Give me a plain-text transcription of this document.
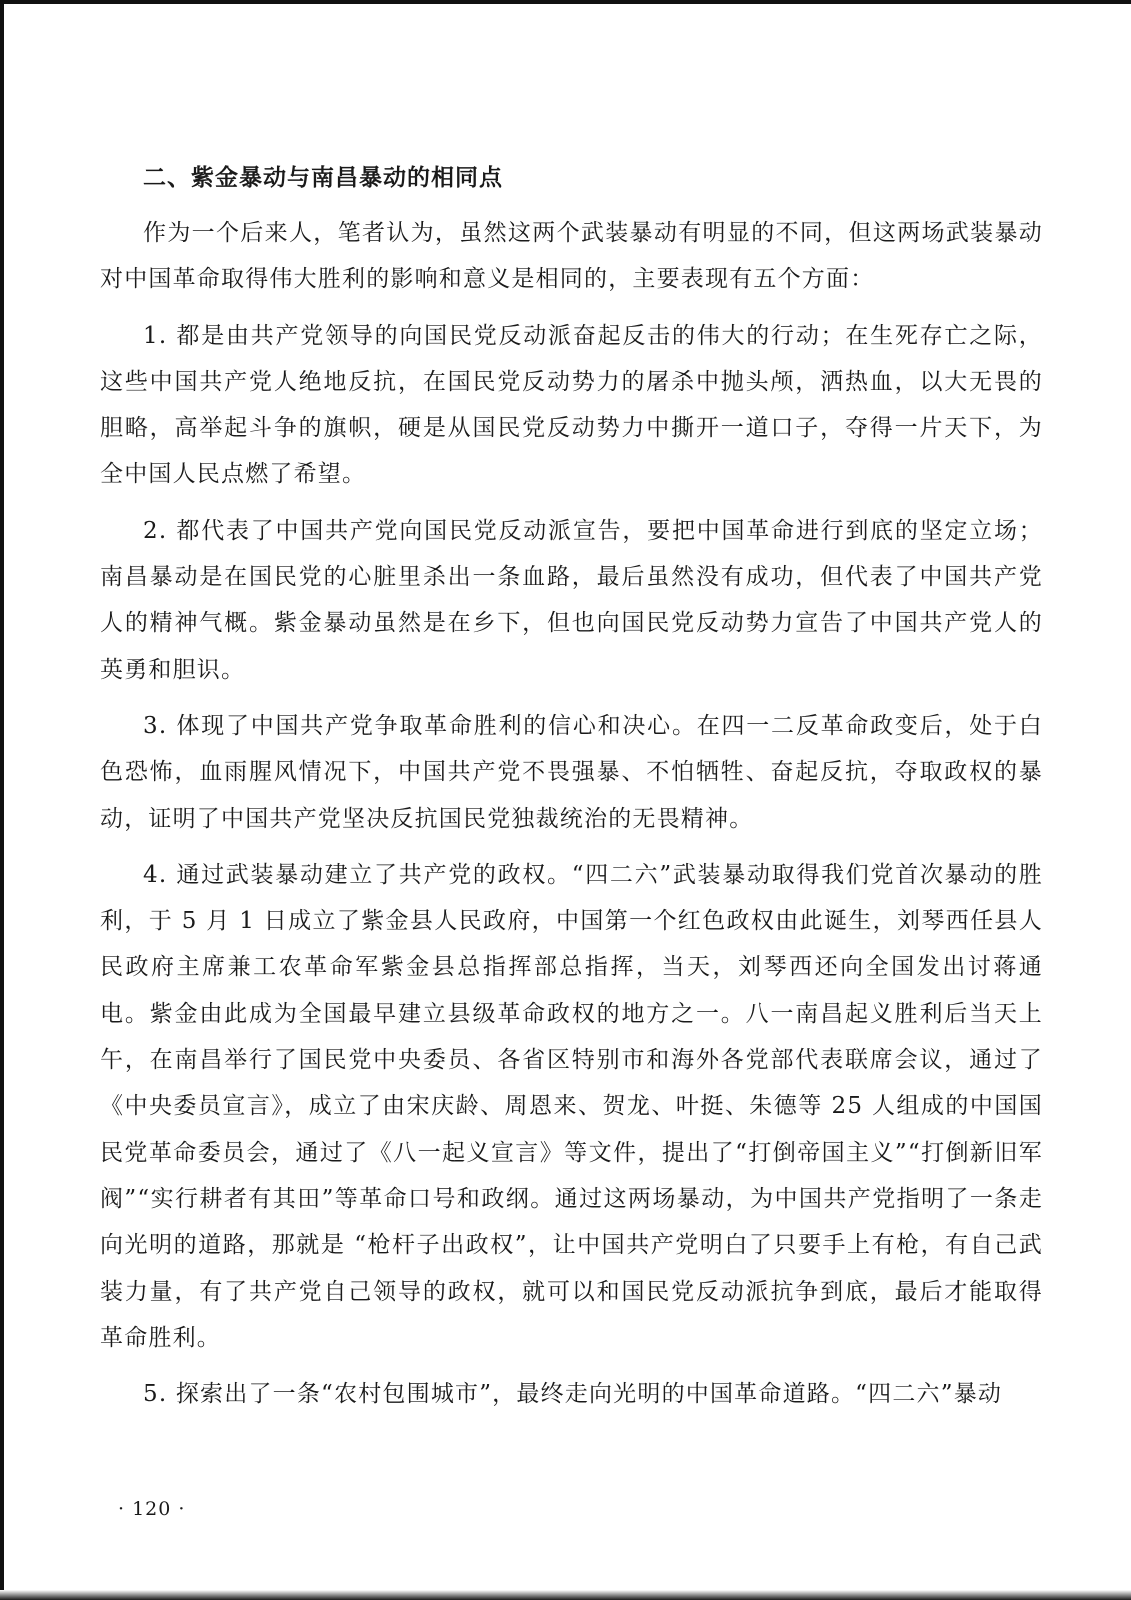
二、紫金暴动与南昌暴动的相同点

作为一个后来人，笔者认为，虽然这两个武装暴动有明显的不同，但这两场武装暴动对中国革命取得伟大胜利的影响和意义是相同的，主要表现有五个方面：

1. 都是由共产党领导的向国民党反动派奋起反击的伟大的行动；在生死存亡之际，这些中国共产党人绝地反抗，在国民党反动势力的屠杀中抛头颅，洒热血，以大无畏的胆略，高举起斗争的旗帜，硬是从国民党反动势力中撕开一道口子，夺得一片天下，为全中国人民点燃了希望。

2. 都代表了中国共产党向国民党反动派宣告，要把中国革命进行到底的坚定立场；南昌暴动是在国民党的心脏里杀出一条血路，最后虽然没有成功，但代表了中国共产党人的精神气概。紫金暴动虽然是在乡下，但也向国民党反动势力宣告了中国共产党人的英勇和胆识。

3. 体现了中国共产党争取革命胜利的信心和决心。在四一二反革命政变后，处于白色恐怖，血雨腥风情况下，中国共产党不畏强暴、不怕牺牲、奋起反抗，夺取政权的暴动，证明了中国共产党坚决反抗国民党独裁统治的无畏精神。

4. 通过武装暴动建立了共产党的政权。“四二六”武装暴动取得我们党首次暴动的胜利，于 5 月 1 日成立了紫金县人民政府，中国第一个红色政权由此诞生，刘琴西任县人民政府主席兼工农革命军紫金县总指挥部总指挥，当天，刘琴西还向全国发出讨蒋通电。紫金由此成为全国最早建立县级革命政权的地方之一。八一南昌起义胜利后当天上午，在南昌举行了国民党中央委员、各省区特别市和海外各党部代表联席会议，通过了《中央委员宣言》，成立了由宋庆龄、周恩来、贺龙、叶挺、朱德等 25 人组成的中国国民党革命委员会，通过了《八一起义宣言》等文件，提出了“打倒帝国主义”“打倒新旧军阀”“实行耕者有其田”等革命口号和政纲。通过这两场暴动，为中国共产党指明了一条走向光明的道路，那就是 “枪杆子出政权”，让中国共产党明白了只要手上有枪，有自己武装力量，有了共产党自己领导的政权，就可以和国民党反动派抗争到底，最后才能取得革命胜利。

5. 探索出了一条“农村包围城市”，最终走向光明的中国革命道路。“四二六”暴动

· 120 ·
